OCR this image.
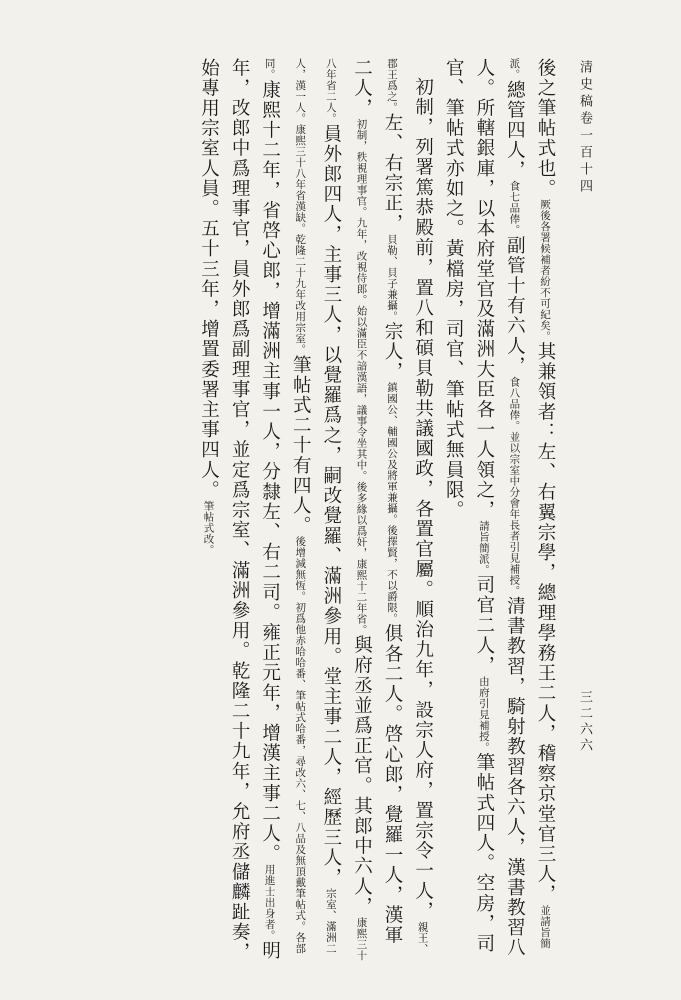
清史稿卷一百十四
三二六六

後之筆帖式也。厥後各署候補者紛不可紀矣。其兼領者：左、右翼宗學，總理學務王二人，稽察京堂官三人，並請旨簡派。總管四人，食七品俸。副管十有六人，食八品俸。並以宗室中分會年長者引見補授。清書教習，騎射教習各六人，漢書教習八人。所轄銀庫，以本府堂官及滿洲大臣各一人領之，請旨簡派。司官二人，由府引見補授。筆帖式四人。空房，司官、筆帖式亦如之。黃檔房，司官、筆帖式無員限。

初制，列署篤恭殿前，置八和碩貝勒共議國政，各置官屬。順治九年，設宗人府，置宗令一人，親王、郡王爲之。左、右宗正，貝勒、貝子兼攝。宗人，鎮國公、輔國公及將軍兼攝。後擇賢，不以爵限。俱各二人。啓心郎，覺羅一人，漢軍二人，初制，秩視理事官。九年，改視侍郎。始以滿臣不諳漢語，議事令坐其中。後多緣以爲奸，康熙十二年省。與府丞並爲正官。其郎中六人，康熙三十八年省二人。員外郎四人，主事三人，以覺羅爲之，嗣改覺羅、滿洲參用。堂主事二人，經歷三人，宗室、滿洲二人，漢一人。康熙三十八年省漢缺。乾隆二十九年改用宗室。筆帖式二十有四人。後增減無恆。初爲他赤哈哈番、筆帖式哈番，尋改六、七、八品及無頂戴筆帖式。各部同。康熙十二年，省啓心郎，增滿洲主事一人，分隸左、右二司。雍正元年，增漢主事二人。用進士出身者。明年，改郎中爲理事官，員外郎爲副理事官，並定爲宗室、滿洲參用。乾隆二十九年，允府丞儲麟趾奏，始專用宗室人員。五十三年，增置委署主事四人。筆帖式改。
